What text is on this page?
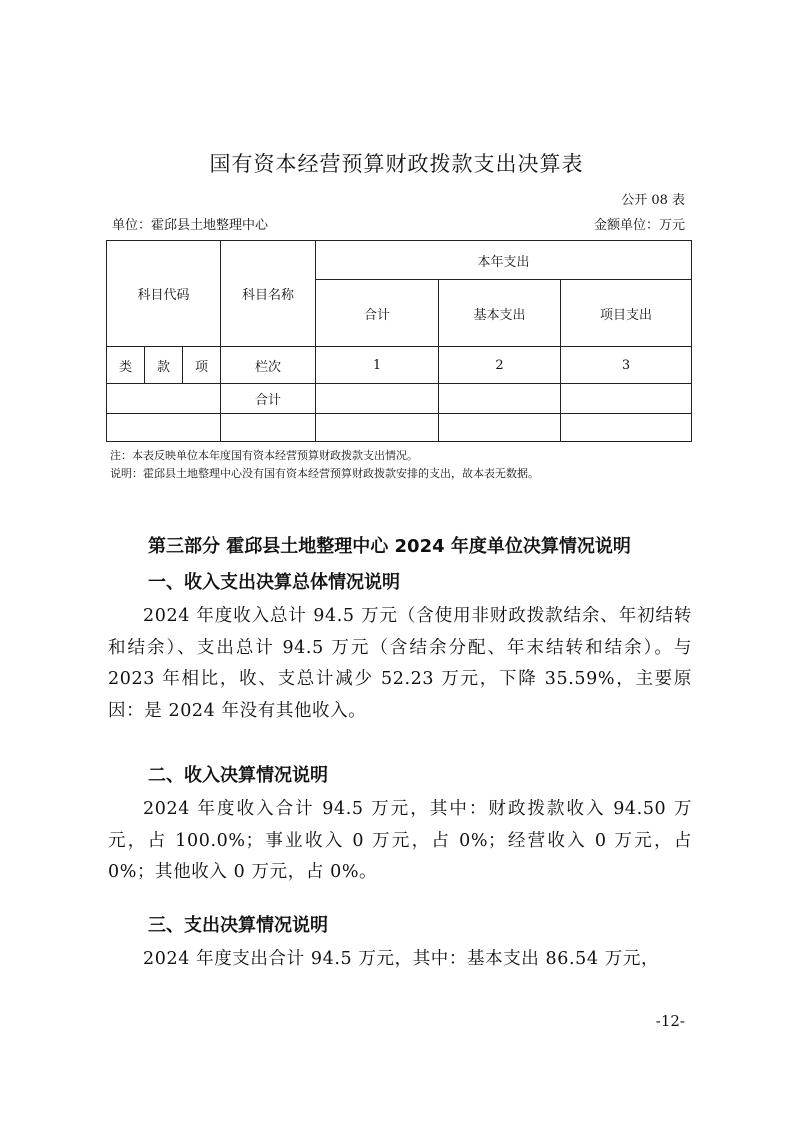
国有资本经营预算财政拨款支出决算表
公开 08 表
单位：霍邱县土地整理中心	金额单位：万元
科目代码			科目名称	本年支出		
				合计	基本支出	项目支出
类	款	项	栏次	1	2	3
			合计			

注：本表反映单位本年度国有资本经营预算财政拨款支出情况。
说明：霍邱县土地整理中心没有国有资本经营预算财政拨款安排的支出，故本表无数据。
第三部分 霍邱县土地整理中心 2024 年度单位决算情况说明
一、收入支出决算总体情况说明

2024 年度收入总计 94.5 万元（含使用非财政拨款结余、年初结转和结余）、支出总计 94.5 万元（含结余分配、年末结转和结余）。与 2023 年相比，收、支总计减少 52.23 万元，下降 35.59%，主要原因：是 2024 年没有其他收入。

二、收入决算情况说明

2024 年度收入合计 94.5 万元，其中：财政拨款收入 94.50 万元，占 100.0%；事业收入 0 万元，占 0%；经营收入 0 万元，占 0%；其他收入 0 万元，占 0%。

三、支出决算情况说明

2024 年度支出合计 94.5 万元，其中：基本支出 86.54 万元，

-12-
